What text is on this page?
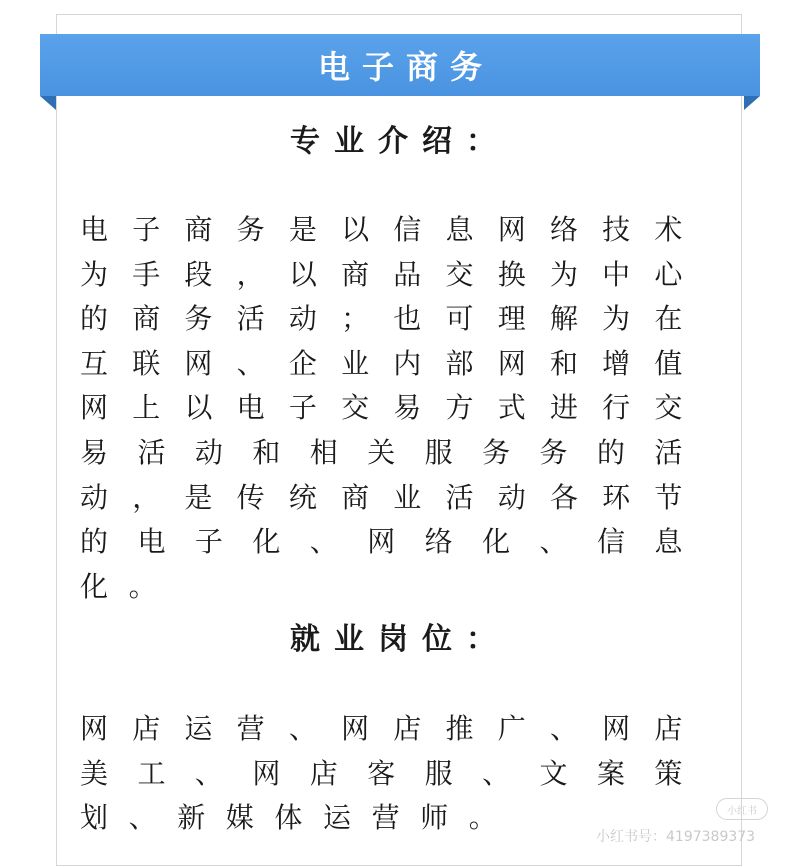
电子商务
专业介绍：
电子商务是以信息网络技术为手段，以商品交换为中心的商务活动；也可理解为在互联网、企业内部网和增值网上以电子交易方式进行交易活动和相关服务务的活动，是传统商业活动各环节的电子化、网络化、信息化。
就业岗位：
网店运营、网店推广、网店美工、网店客服、文案策划、新媒体运营师。	小红书
小红书号：4197389373
